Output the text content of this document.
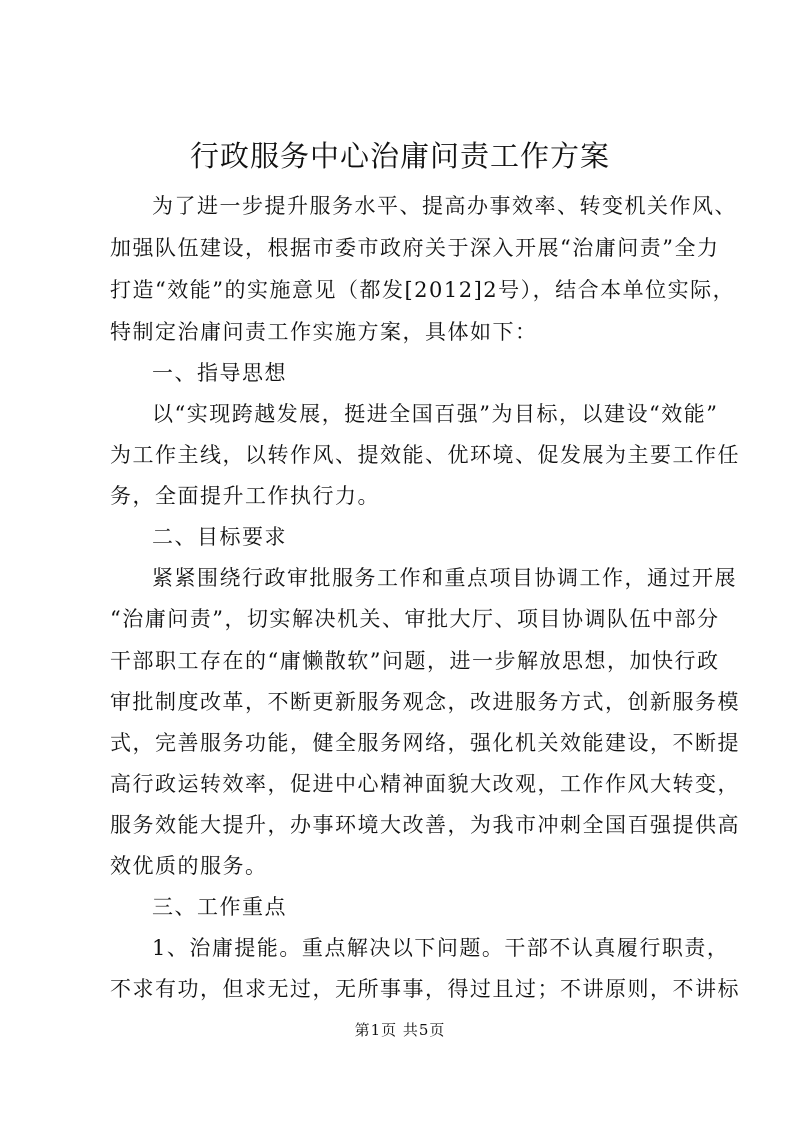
行政服务中心治庸问责工作方案
为了进一步提升服务水平、提高办事效率、转变机关作风、
加强队伍建设，根据市委市政府关于深入开展“治庸问责”全力
打造“效能”的实施意见（都发[2012]2号），结合本单位实际，
特制定治庸问责工作实施方案，具体如下：
一、指导思想
以“实现跨越发展，挺进全国百强”为目标，以建设“效能”
为工作主线，以转作风、提效能、优环境、促发展为主要工作任
务，全面提升工作执行力。
二、目标要求
紧紧围绕行政审批服务工作和重点项目协调工作，通过开展
“治庸问责”，切实解决机关、审批大厅、项目协调队伍中部分
干部职工存在的“庸懒散软”问题，进一步解放思想，加快行政
审批制度改革，不断更新服务观念，改进服务方式，创新服务模
式，完善服务功能，健全服务网络，强化机关效能建设，不断提
高行政运转效率，促进中心精神面貌大改观，工作作风大转变，
服务效能大提升，办事环境大改善，为我市冲刺全国百强提供高
效优质的服务。
三、工作重点
1、治庸提能。重点解决以下问题。干部不认真履行职责，
不求有功，但求无过，无所事事，得过且过；不讲原则，不讲标
第1页 共5页
